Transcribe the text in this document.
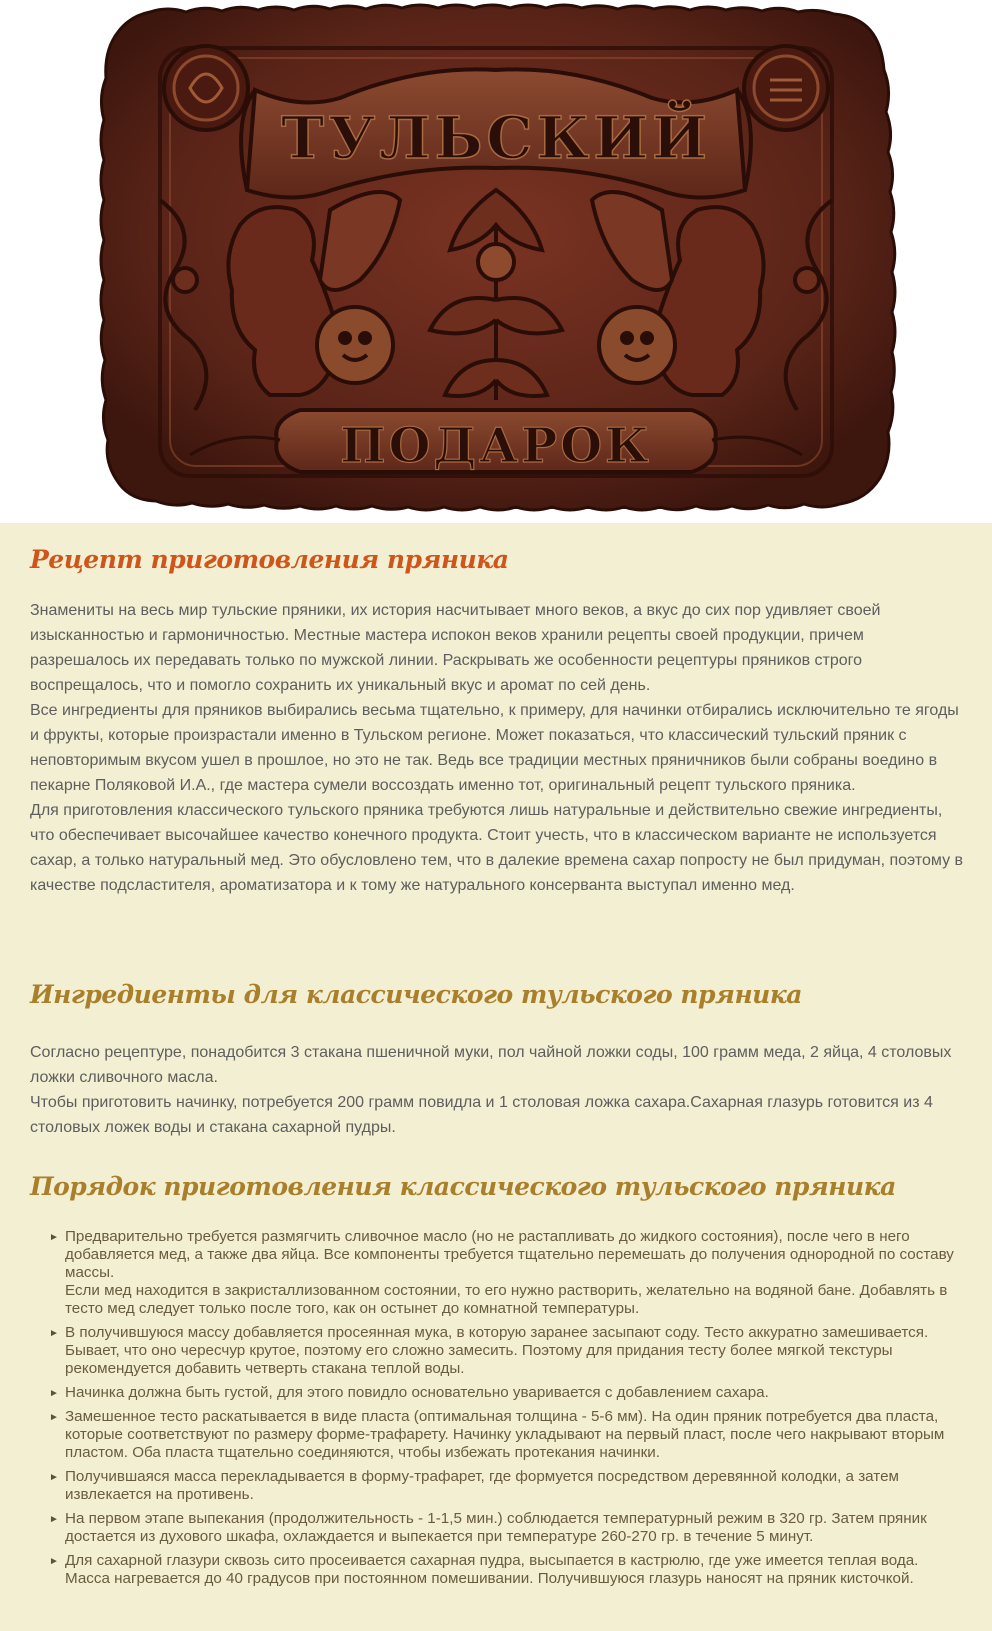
ТУЛЬСКИЙ
ПОДАРОК
Рецепт приготовления пряника

Знамениты на весь мир тульские пряники, их история насчитывает много веков, а вкус до сих пор удивляет своей изысканностью и гармоничностью. Местные мастера испокон веков хранили рецепты своей продукции, причем разрешалось их передавать только по мужской линии. Раскрывать же особенности рецептуры пряников строго воспрещалось, что и помогло сохранить их уникальный вкус и аромат по сей день.

Все ингредиенты для пряников выбирались весьма тщательно, к примеру, для начинки отбирались исключительно те ягоды и фрукты, которые произрастали именно в Тульском регионе. Может показаться, что классический тульский пряник с неповторимым вкусом ушел в прошлое, но это не так. Ведь все традиции местных пряничников были собраны воедино в пекарне Поляковой И.А., где мастера сумели воссоздать именно тот, оригинальный рецепт тульского пряника.

Для приготовления классического тульского пряника требуются лишь натуральные и действительно свежие ингредиенты, что обеспечивает высочайшее качество конечного продукта. Стоит учесть, что в классическом варианте не используется сахар, а только натуральный мед. Это обусловлено тем, что в далекие времена сахар попросту не был придуман, поэтому в качестве подсластителя, ароматизатора и к тому же натурального консерванта выступал именно мед.

Ингредиенты для классического тульского пряника

Согласно рецептуре, понадобится 3 стакана пшеничной муки, пол чайной ложки соды, 100 грамм меда, 2 яйца, 4 столовых ложки сливочного масла.

Чтобы приготовить начинку, потребуется 200 грамм повидла и 1 столовая ложка сахара.Сахарная глазурь готовится из 4 столовых ложек воды и стакана сахарной пудры.

Порядок приготовления классического тульского пряника
► Предварительно требуется размягчить сливочное масло (но не растапливать до жидкого состояния), после чего в него добавляется мед, а также два яйца. Все компоненты требуется тщательно перемешать до получения однородной по составу массы.

Если мед находится в закристаллизованном состоянии, то его нужно растворить, желательно на водяной бане. Добавлять в тесто мед следует только после того, как он остынет до комнатной температуры.

► В получившуюся массу добавляется просеянная мука, в которую заранее засыпают соду. Тесто аккуратно замешивается. Бывает, что оно чересчур крутое, поэтому его сложно замесить. Поэтому для придания тесту более мягкой текстуры рекомендуется добавить четверть стакана теплой воды.

► Начинка должна быть густой, для этого повидло основательно уваривается с добавлением сахара.

► Замешенное тесто раскатывается в виде пласта (оптимальная толщина - 5-6 мм). На один пряник потребуется два пласта, которые соответствуют по размеру форме-трафарету. Начинку укладывают на первый пласт, после чего накрывают вторым пластом. Оба пласта тщательно соединяются, чтобы избежать протекания начинки.

► Получившаяся масса перекладывается в форму-трафарет, где формуется посредством деревянной колодки, а затем извлекается на противень.

► На первом этапе выпекания (продолжительность - 1-1,5 мин.) соблюдается температурный режим в 320 гр. Затем пряник достается из духового шкафа, охлаждается и выпекается при температуре 260-270 гр. в течение 5 минут.

► Для сахарной глазури сквозь сито просеивается сахарная пудра, высыпается в кастрюлю, где уже имеется теплая вода. Масса нагревается до 40 градусов при постоянном помешивании. Получившуюся глазурь наносят на пряник кисточкой.
